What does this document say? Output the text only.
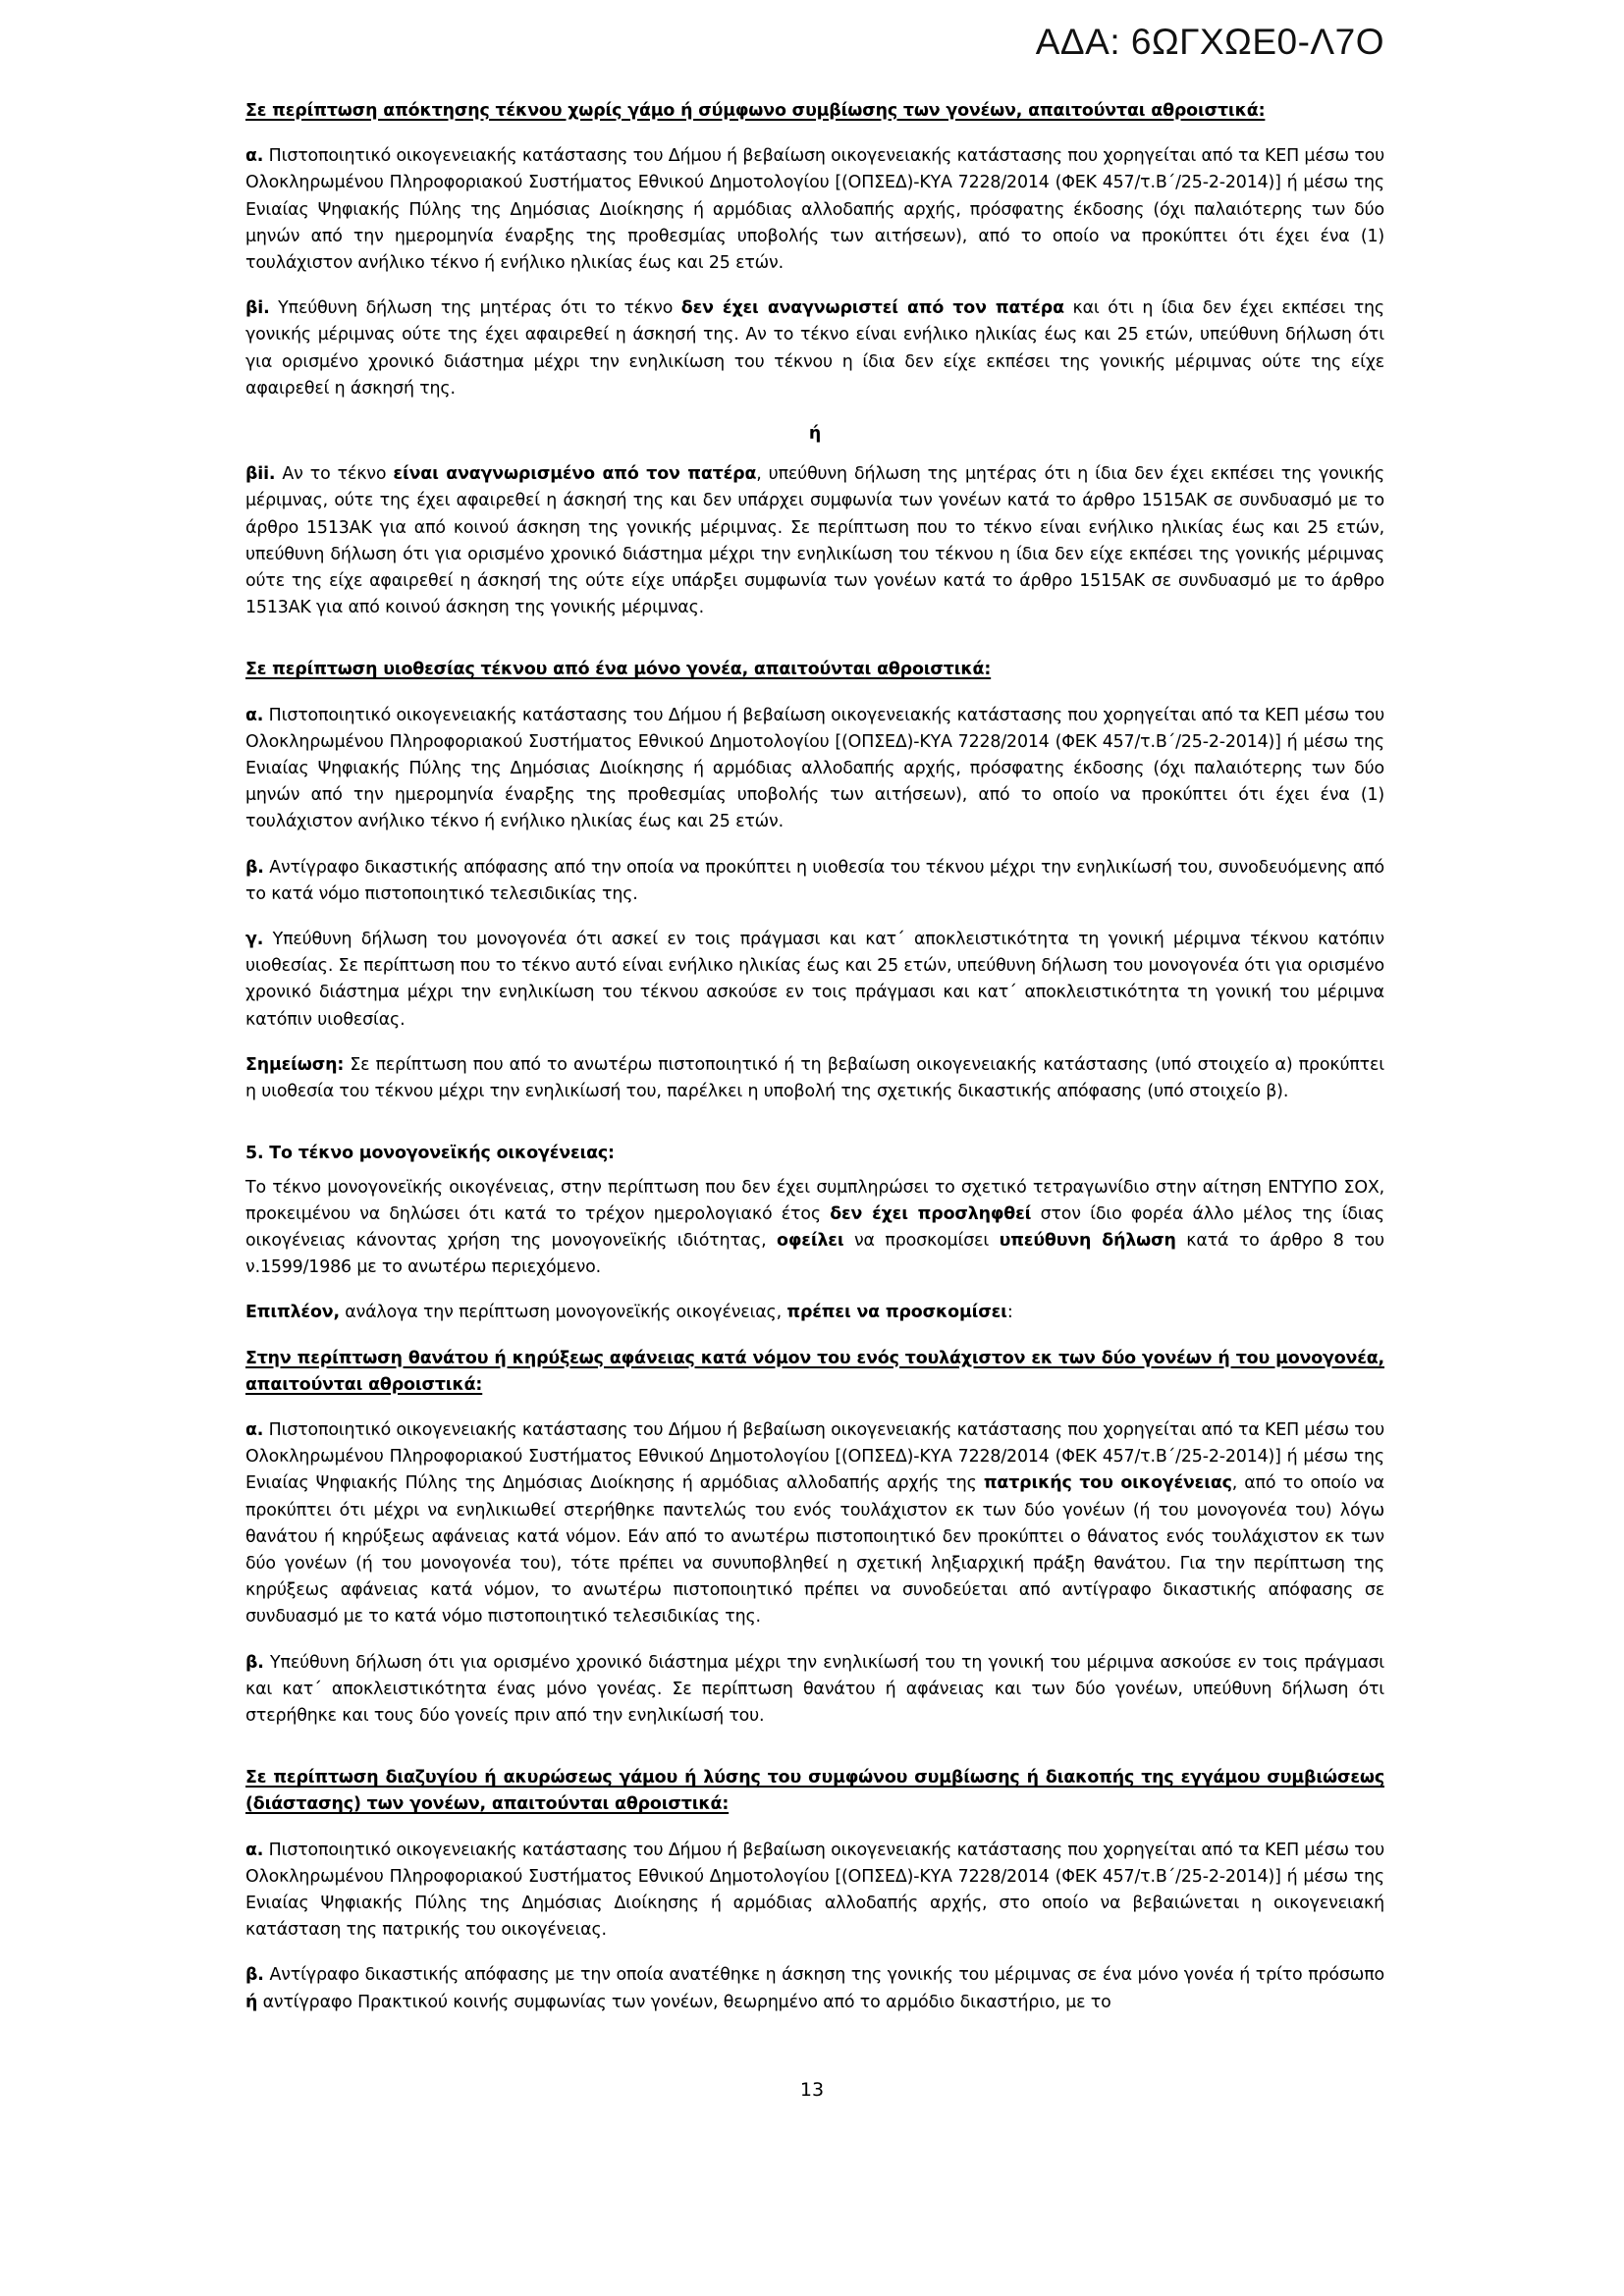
ΑΔΑ: 6ΩΓΧΩΕ0-Λ7Ο

Σε περίπτωση απόκτησης τέκνου χωρίς γάμο ή σύμφωνο συμβίωσης των γονέων, απαιτούνται αθροιστικά:

α. Πιστοποιητικό οικογενειακής κατάστασης του Δήμου ή βεβαίωση οικογενειακής κατάστασης που χορηγείται από τα ΚΕΠ μέσω του Ολοκληρωμένου Πληροφοριακού Συστήματος Εθνικού Δημοτολογίου [(ΟΠΣΕΔ)-ΚΥΑ 7228/2014 (ΦΕΚ 457/τ.Β΄/25-2-2014)] ή μέσω της Ενιαίας Ψηφιακής Πύλης της Δημόσιας Διοίκησης ή αρμόδιας αλλοδαπής αρχής, πρόσφατης έκδοσης (όχι παλαιότερης των δύο μηνών από την ημερομηνία έναρξης της προθεσμίας υποβολής των αιτήσεων), από το οποίο να προκύπτει ότι έχει ένα (1) τουλάχιστον ανήλικο τέκνο ή ενήλικο ηλικίας έως και 25 ετών.

βi. Υπεύθυνη δήλωση της μητέρας ότι το τέκνο δεν έχει αναγνωριστεί από τον πατέρα και ότι η ίδια δεν έχει εκπέσει της γονικής μέριμνας ούτε της έχει αφαιρεθεί η άσκησή της. Αν το τέκνο είναι ενήλικο ηλικίας έως και 25 ετών, υπεύθυνη δήλωση ότι για ορισμένο χρονικό διάστημα μέχρι την ενηλικίωση του τέκνου η ίδια δεν είχε εκπέσει της γονικής μέριμνας ούτε της είχε αφαιρεθεί η άσκησή της.

ή

βii. Αν το τέκνο είναι αναγνωρισμένο από τον πατέρα, υπεύθυνη δήλωση της μητέρας ότι η ίδια δεν έχει εκπέσει της γονικής μέριμνας, ούτε της έχει αφαιρεθεί η άσκησή της και δεν υπάρχει συμφωνία των γονέων κατά το άρθρο 1515ΑΚ σε συνδυασμό με το άρθρο 1513ΑΚ για από κοινού άσκηση της γονικής μέριμνας. Σε περίπτωση που το τέκνο είναι ενήλικο ηλικίας έως και 25 ετών, υπεύθυνη δήλωση ότι για ορισμένο χρονικό διάστημα μέχρι την ενηλικίωση του τέκνου η ίδια δεν είχε εκπέσει της γονικής μέριμνας ούτε της είχε αφαιρεθεί η άσκησή της ούτε είχε υπάρξει συμφωνία των γονέων κατά το άρθρο 1515ΑΚ σε συνδυασμό με το άρθρο 1513ΑΚ για από κοινού άσκηση της γονικής μέριμνας.

Σε περίπτωση υιοθεσίας τέκνου από ένα μόνο γονέα, απαιτούνται αθροιστικά:

α. Πιστοποιητικό οικογενειακής κατάστασης του Δήμου ή βεβαίωση οικογενειακής κατάστασης που χορηγείται από τα ΚΕΠ μέσω του Ολοκληρωμένου Πληροφοριακού Συστήματος Εθνικού Δημοτολογίου [(ΟΠΣΕΔ)-ΚΥΑ 7228/2014 (ΦΕΚ 457/τ.Β΄/25-2-2014)] ή μέσω της Ενιαίας Ψηφιακής Πύλης της Δημόσιας Διοίκησης ή αρμόδιας αλλοδαπής αρχής, πρόσφατης έκδοσης (όχι παλαιότερης των δύο μηνών από την ημερομηνία έναρξης της προθεσμίας υποβολής των αιτήσεων), από το οποίο να προκύπτει ότι έχει ένα (1) τουλάχιστον ανήλικο τέκνο ή ενήλικο ηλικίας έως και 25 ετών.

β. Αντίγραφο δικαστικής απόφασης από την οποία να προκύπτει η υιοθεσία του τέκνου μέχρι την ενηλικίωσή του, συνοδευόμενης από το κατά νόμο πιστοποιητικό τελεσιδικίας της.

γ. Υπεύθυνη δήλωση του μονογονέα ότι ασκεί εν τοις πράγμασι και κατ΄ αποκλειστικότητα τη γονική μέριμνα τέκνου κατόπιν υιοθεσίας. Σε περίπτωση που το τέκνο αυτό είναι ενήλικο ηλικίας έως και 25 ετών, υπεύθυνη δήλωση του μονογονέα ότι για ορισμένο χρονικό διάστημα μέχρι την ενηλικίωση του τέκνου ασκούσε εν τοις πράγμασι και κατ΄ αποκλειστικότητα τη γονική του μέριμνα κατόπιν υιοθεσίας.

Σημείωση: Σε περίπτωση που από το ανωτέρω πιστοποιητικό ή τη βεβαίωση οικογενειακής κατάστασης (υπό στοιχείο α) προκύπτει η υιοθεσία του τέκνου μέχρι την ενηλικίωσή του, παρέλκει η υποβολή της σχετικής δικαστικής απόφασης (υπό στοιχείο β).

5. Το τέκνο μονογονεϊκής οικογένειας:

Το τέκνο μονογονεϊκής οικογένειας, στην περίπτωση που δεν έχει συμπληρώσει το σχετικό τετραγωνίδιο στην αίτηση ΕΝΤΥΠΟ ΣΟΧ, προκειμένου να δηλώσει ότι κατά το τρέχον ημερολογιακό έτος δεν έχει προσληφθεί στον ίδιο φορέα άλλο μέλος της ίδιας οικογένειας κάνοντας χρήση της μονογονεϊκής ιδιότητας, οφείλει να προσκομίσει υπεύθυνη δήλωση κατά το άρθρο 8 του ν.1599/1986 με το ανωτέρω περιεχόμενο.

Επιπλέον, ανάλογα την περίπτωση μονογονεϊκής οικογένειας, πρέπει να προσκομίσει:

Στην περίπτωση θανάτου ή κηρύξεως αφάνειας κατά νόμον του ενός τουλάχιστον εκ των δύο γονέων ή του μονογονέα, απαιτούνται αθροιστικά:

α. Πιστοποιητικό οικογενειακής κατάστασης του Δήμου ή βεβαίωση οικογενειακής κατάστασης που χορηγείται από τα ΚΕΠ μέσω του Ολοκληρωμένου Πληροφοριακού Συστήματος Εθνικού Δημοτολογίου [(ΟΠΣΕΔ)-ΚΥΑ 7228/2014 (ΦΕΚ 457/τ.Β΄/25-2-2014)] ή μέσω της Ενιαίας Ψηφιακής Πύλης της Δημόσιας Διοίκησης ή αρμόδιας αλλοδαπής αρχής της πατρικής του οικογένειας, από το οποίο να προκύπτει ότι μέχρι να ενηλικιωθεί στερήθηκε παντελώς του ενός τουλάχιστον εκ των δύο γονέων (ή του μονογονέα του) λόγω θανάτου ή κηρύξεως αφάνειας κατά νόμον. Εάν από το ανωτέρω πιστοποιητικό δεν προκύπτει ο θάνατος ενός τουλάχιστον εκ των δύο γονέων (ή του μονογονέα του), τότε πρέπει να συνυποβληθεί η σχετική ληξιαρχική πράξη θανάτου. Για την περίπτωση της κηρύξεως αφάνειας κατά νόμον, το ανωτέρω πιστοποιητικό πρέπει να συνοδεύεται από αντίγραφο δικαστικής απόφασης σε συνδυασμό με το κατά νόμο πιστοποιητικό τελεσιδικίας της.

β. Υπεύθυνη δήλωση ότι για ορισμένο χρονικό διάστημα μέχρι την ενηλικίωσή του τη γονική του μέριμνα ασκούσε εν τοις πράγμασι και κατ΄ αποκλειστικότητα ένας μόνο γονέας. Σε περίπτωση θανάτου ή αφάνειας και των δύο γονέων, υπεύθυνη δήλωση ότι στερήθηκε και τους δύο γονείς πριν από την ενηλικίωσή του.

Σε περίπτωση διαζυγίου ή ακυρώσεως γάμου ή λύσης του συμφώνου συμβίωσης ή διακοπής της εγγάμου συμβιώσεως (διάστασης) των γονέων, απαιτούνται αθροιστικά:

α. Πιστοποιητικό οικογενειακής κατάστασης του Δήμου ή βεβαίωση οικογενειακής κατάστασης που χορηγείται από τα ΚΕΠ μέσω του Ολοκληρωμένου Πληροφοριακού Συστήματος Εθνικού Δημοτολογίου [(ΟΠΣΕΔ)-ΚΥΑ 7228/2014 (ΦΕΚ 457/τ.Β΄/25-2-2014)] ή μέσω της Ενιαίας Ψηφιακής Πύλης της Δημόσιας Διοίκησης ή αρμόδιας αλλοδαπής αρχής, στο οποίο να βεβαιώνεται η οικογενειακή κατάσταση της πατρικής του οικογένειας.

β. Αντίγραφο δικαστικής απόφασης με την οποία ανατέθηκε η άσκηση της γονικής του μέριμνας σε ένα μόνο γονέα ή τρίτο πρόσωπο ή αντίγραφο Πρακτικού κοινής συμφωνίας των γονέων, θεωρημένο από το αρμόδιο δικαστήριο, με το

13
